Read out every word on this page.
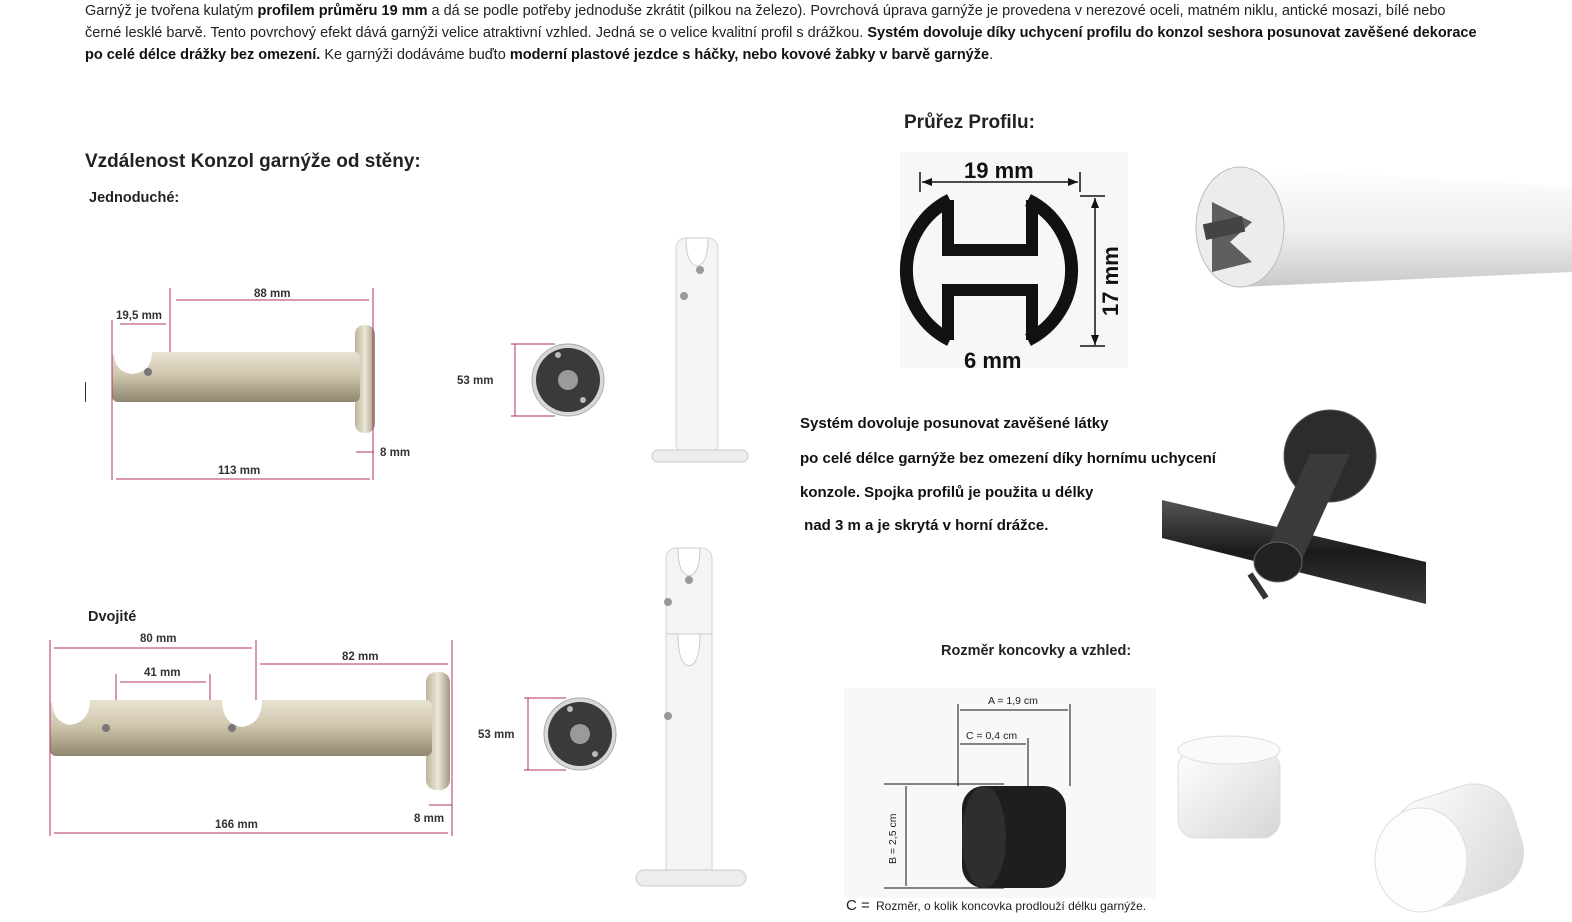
Garnýž je tvořena kulatým profilem průměru 19 mm a dá se podle potřeby jednoduše zkrátit (pilkou na železo). Povrchová úprava garnýže je provedena v nerezové oceli, matném niklu, antické mosazi, bílé nebo černé lesklé barvě. Tento povrchový efekt dává garnýži velice atraktivní vzhled. Jedná se o velice kvalitní profil s drážkou. Systém dovoluje díky uchycení profilu do konzol seshora posunovat zavěšené dekorace po celé délce drážky bez omezení. Ke garnýži dodáváme buďto moderní plastové jezdce s háčky, nebo kovové žabky v barvě garnýže.
Vzdálenost Konzol garnýže od stěny:
Jednoduché:
Dvojité
Průřez Profilu:
Rozměr koncovky a vzhled:
Systém dovoluje posunovat zavěšené látky
po celé délce garnýže bez omezení díky hornímu uchycení
konzole. Spojka profilů je použita u délky
nad 3 m a je skrytá v horní drážce.
19,5 mm
88 mm
113 mm
8 mm
53 mm
80 mm
41 mm
82 mm
166 mm	8 mm
53 mm
19 mm
17 mm
6 mm
A = 1,9 cm
C = 0,4 cm
B = 2,5 cm
C = Rozměr, o kolik koncovka prodlouží délku garnýže.
